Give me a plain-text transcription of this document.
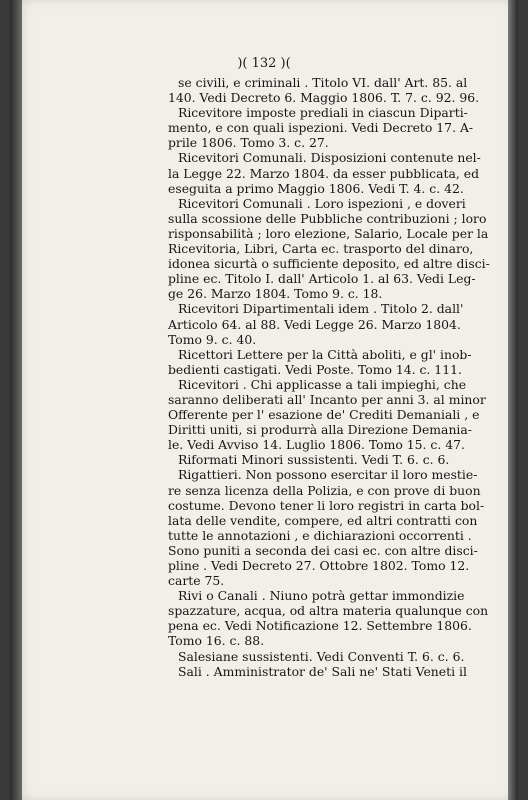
)( 132 )(
se civili, e criminali . Titolo VI. dall' Art. 85. al
140. Vedi Decreto 6. Maggio 1806. T. 7. c. 92. 96.
Ricevitore imposte prediali in ciascun Diparti-
mento, e con quali ispezioni. Vedi Decreto 17. A-
prile 1806. Tomo 3. c. 27.
Ricevitori Comunali. Disposizioni contenute nel-
la Legge 22. Marzo 1804. da esser pubblicata, ed
eseguita a primo Maggio 1806. Vedi T. 4. c. 42.
Ricevitori Comunali . Loro ispezioni , e doveri
sulla scossione delle Pubbliche contribuzioni ; loro
risponsabilità ; loro elezione, Salario, Locale per la
Ricevitoria, Libri, Carta ec. trasporto del dinaro,
idonea sicurtà o sufficiente deposito, ed altre disci-
pline ec. Titolo I. dall' Articolo 1. al 63. Vedi Leg-
ge 26. Marzo 1804. Tomo 9. c. 18.
Ricevitori Dipartimentali idem . Titolo 2. dall'
Articolo 64. al 88. Vedi Legge 26. Marzo 1804.
Tomo 9. c. 40.
Ricettori Lettere per la Città aboliti, e gl' inob-
bedienti castigati. Vedi Poste. Tomo 14. c. 111.
Ricevitori . Chi applicasse a tali impieghi, che
saranno deliberati all' Incanto per anni 3. al minor
Offerente per l' esazione de' Crediti Demaniali , e
Diritti uniti, si produrrà alla Direzione Demania-
le. Vedi Avviso 14. Luglio 1806. Tomo 15. c. 47.
Riformati Minori sussistenti. Vedi T. 6. c. 6.
Rigattieri. Non possono esercitar il loro mestie-
re senza licenza della Polizia, e con prove di buon
costume. Devono tener li loro registri in carta bol-
lata delle vendite, compere, ed altri contratti con
tutte le annotazioni , e dichiarazioni occorrenti .
Sono puniti a seconda dei casi ec. con altre disci-
pline . Vedi Decreto 27. Ottobre 1802. Tomo 12.
carte 75.
Rivi o Canali . Niuno potrà gettar immondizie
spazzature, acqua, od altra materia qualunque con
pena ec. Vedi Notificazione 12. Settembre 1806.
Tomo 16. c. 88.
Salesiane sussistenti. Vedi Conventi T. 6. c. 6.
Sali . Amministrator de' Sali ne' Stati Veneti il
